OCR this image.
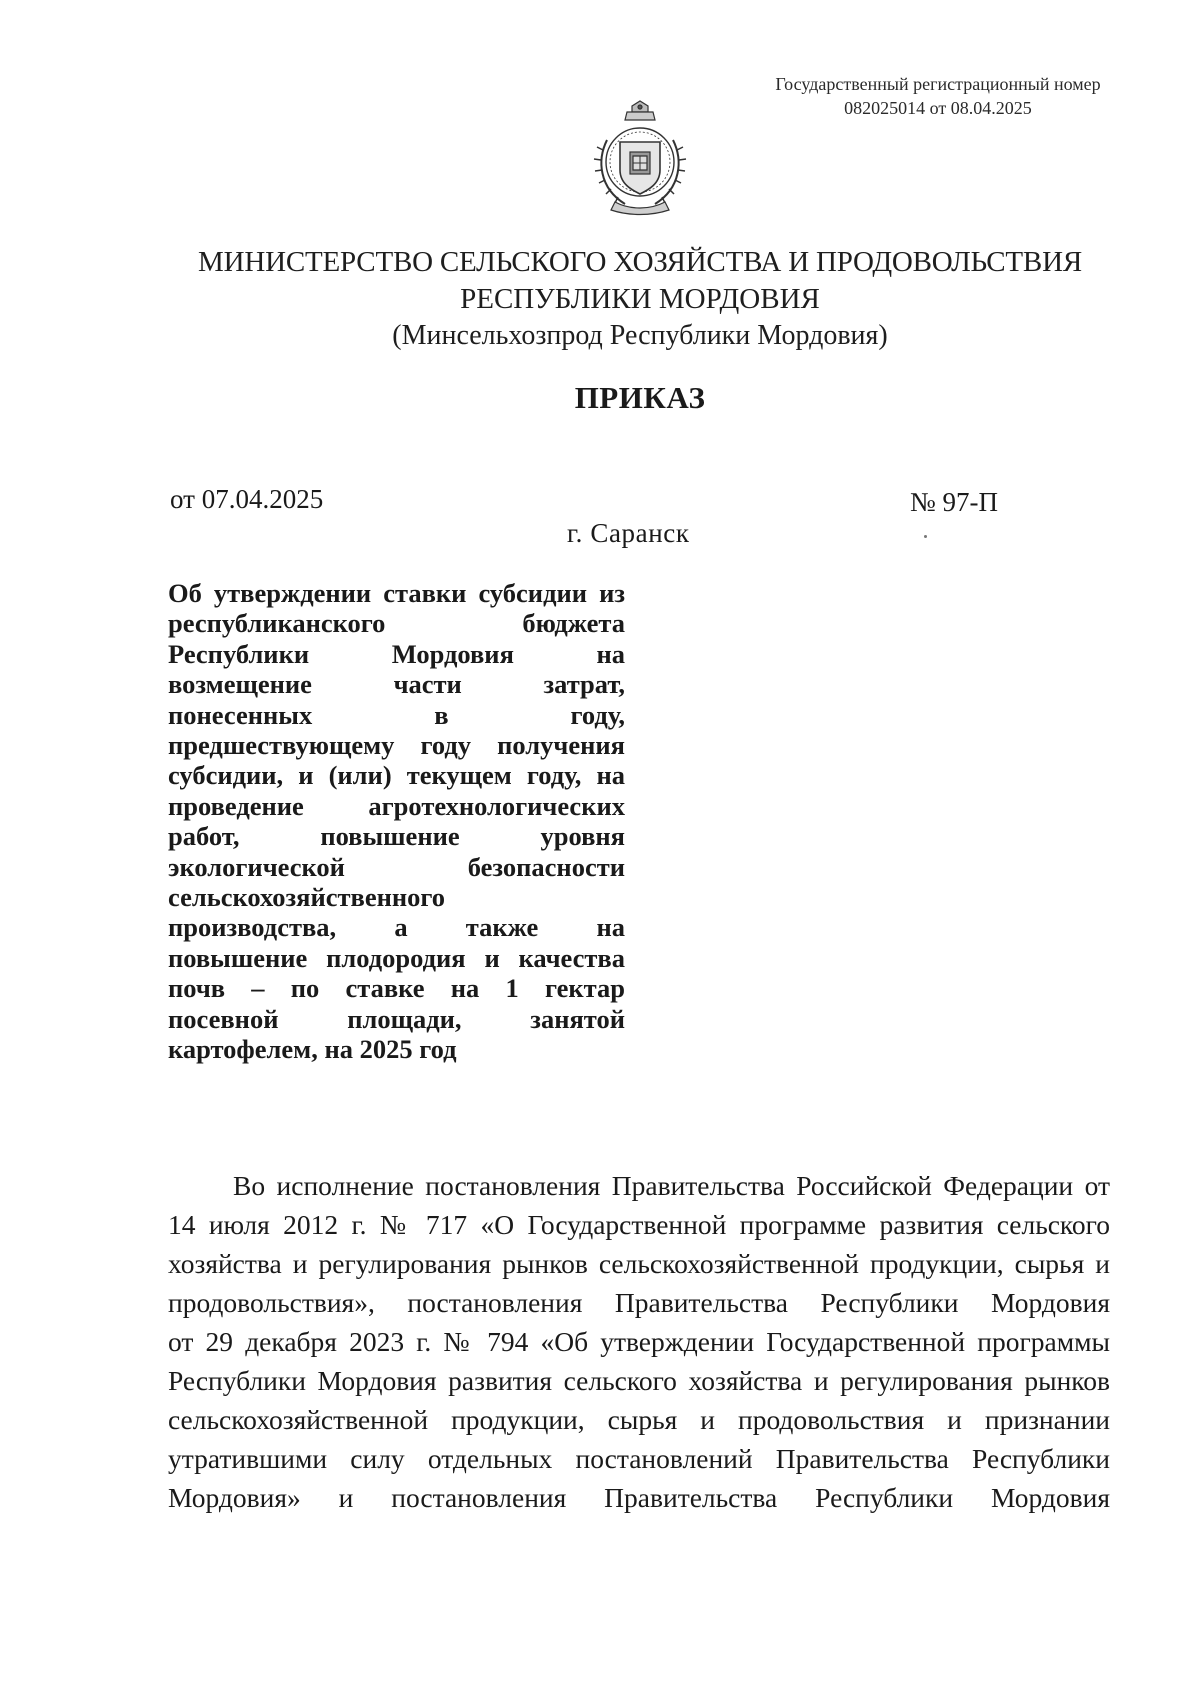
Государственный регистрационный номер
082025014 от 08.04.2025
МИНИСТЕРСТВО СЕЛЬСКОГО ХОЗЯЙСТВА И ПРОДОВОЛЬСТВИЯ
РЕСПУБЛИКИ МОРДОВИЯ
(Минсельхозпрод Республики Мордовия)
ПРИКАЗ
от 07.04.2025	№ 97-П
г. Саранск
Об утверждении ставки субсидии из
республиканского бюджета
Республики Мордовия на
возмещение части затрат,
понесенных в году,
предшествующему году получения
субсидии, и (или) текущем году, на
проведение агротехнологических
работ, повышение уровня
экологической безопасности
сельскохозяйственного
производства, а также на
повышение плодородия и качества
почв – по ставке на 1 гектар
посевной площади, занятой
картофелем, на 2025 год
Во исполнение постановления Правительства Российской Федерации от
14 июля 2012 г. № 717 «О Государственной программе развития сельского
хозяйства и регулирования рынков сельскохозяйственной продукции, сырья и
продовольствия», постановления Правительства Республики Мордовия
от 29 декабря 2023 г. № 794 «Об утверждении Государственной программы
Республики Мордовия развития сельского хозяйства и регулирования рынков
сельскохозяйственной продукции, сырья и продовольствия и признании
утратившими силу отдельных постановлений Правительства Республики
Мордовия» и постановления Правительства Республики Мордовия
